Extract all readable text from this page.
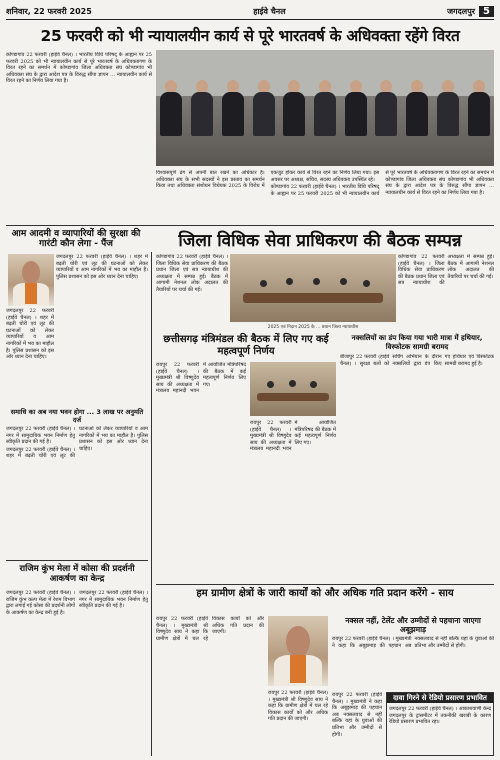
शनिवार, 22 फरवरी 2025	हाईवे चैनल	जगदलपुर 5
25 फरवरी को भी न्यायालयीन कार्य से पूरे भारतवर्ष के अधिवक्ता रहेंगे विरत

कोण्डागांव 22 फरवरी (हाईवे चैनल) । भारतीय विधि परिषद् के आह्वान पर 25 फरवरी 2025 को भी न्यायालयीन कार्य से पूरे भारतवर्ष के अधिवक्तागण के विरत रहने का समर्थन में कोण्डागांव जिला अधिवक्ता संघ कोण्डागांव भी अधिवक्ता संघ के द्वारा आदेश पत्र के विरुद्ध सौंपा ज्ञापन ... न्यायालयीन कार्य से विरत रहने का निर्णय लिया गया है।

विश्वासपूर्ण ढंग से अपनी बात रखने का अधिकार है। अधिवक्ता संघ के सभी सदस्यों ने इस प्रस्ताव का समर्थन किया तथा अधिवक्ता संशोधन विधेयक 2025 के विरोध में एकजुट होकर कार्य से विरत रहने का निर्णय लिया गया। इस अवसर पर अध्यक्ष, सचिव, सदस्य अधिवक्ता उपस्थित रहे।

कोण्डागांव 22 फरवरी (हाईवे चैनल) । भारतीय विधि परिषद् के आह्वान पर 25 फरवरी 2025 को भी न्यायालयीन कार्य से पूरे भारतवर्ष के अधिवक्तागण के विरत रहने का समर्थन में कोण्डागांव जिला अधिवक्ता संघ कोण्डागांव भी अधिवक्ता संघ के द्वारा आदेश पत्र के विरुद्ध सौंपा ज्ञापन ... न्यायालयीन कार्य से विरत रहने का निर्णय लिया गया है।

आम आदमी व व्यापारियों की सुरक्षा की गारंटी कौन लेगा - पैंज	जिला विधिक सेवा प्राधिकरण की बैठक सम्पन्न

जगदलपुर 22 फरवरी (हाईवे चैनल) । शहर में बढ़ती चोरी एवं लूट की घटनाओं को लेकर व्यापारियों व आम नागरिकों में भय का माहौल है। पुलिस प्रशासन को इस ओर ध्यान देना चाहिए।

जगदलपुर 22 फरवरी (हाईवे चैनल) । शहर में बढ़ती चोरी एवं लूट की घटनाओं को लेकर व्यापारियों व आम नागरिकों में भय का माहौल है। पुलिस प्रशासन को इस ओर ध्यान देना चाहिए।

समाधि का अब नया भवन होगा ... 3 लाख पर अनुमति दर्ज

जगदलपुर 22 फरवरी (हाईवे चैनल) । नगर में सामुदायिक भवन निर्माण हेतु स्वीकृति प्रदान की गई है।

जगदलपुर 22 फरवरी (हाईवे चैनल) । शहर में बढ़ती चोरी एवं लूट की घटनाओं को लेकर व्यापारियों व आम नागरिकों में भय का माहौल है। पुलिस प्रशासन को इस ओर ध्यान देना चाहिए।

राजिम कुंभ मेला में कोसा की प्रदर्शनी आकर्षण का केन्द्र

जगदलपुर 22 फरवरी (हाईवे चैनल) । राजिम कुंभ कल्प मेला में रेशम विभाग द्वारा लगाई गई कोसा की प्रदर्शनी लोगों के आकर्षण का केन्द्र बनी हुई है।

जगदलपुर 22 फरवरी (हाईवे चैनल) । नगर में सामुदायिक भवन निर्माण हेतु स्वीकृति प्रदान की गई है।

कोण्डागांव 22 फरवरी (हाईवे चैनल) । जिला विधिक सेवा प्राधिकरण की बैठक प्रधान जिला एवं सत्र न्यायाधीश की अध्यक्षता में सम्पन्न हुई। बैठक में आगामी नेशनल लोक अदालत की तैयारियों पर चर्चा की गई।

2025 एवं निदान 2025 के ... प्रधान जिला न्यायाधीश

कोण्डागांव 22 फरवरी (हाईवे चैनल) । जिला विधिक सेवा प्राधिकरण की बैठक प्रधान जिला एवं सत्र न्यायाधीश की अध्यक्षता में सम्पन्न हुई। बैठक में आगामी नेशनल लोक अदालत की तैयारियों पर चर्चा की गई।

छत्तीसगढ़ मंत्रिमंडल की बैठक में लिए गए कई महत्वपूर्ण निर्णय

रायपुर 22 फरवरी (हाईवे चैनल) । मुख्यमंत्री श्री विष्णुदेव साय की अध्यक्षता में मंत्रालय महानदी भवन में आयोजित मंत्रिपरिषद की बैठक में कई महत्वपूर्ण निर्णय लिए गए।

रायपुर 22 फरवरी (हाईवे चैनल) । मुख्यमंत्री श्री विष्णुदेव साय की अध्यक्षता में मंत्रालय महानदी भवन में आयोजित मंत्रिपरिषद की बैठक में कई महत्वपूर्ण निर्णय लिए गए।

नक्सलियों का डंप किया गया भारी मात्रा में हथियार, विस्फोटक सामग्री बरामद

बीजापुर 22 फरवरी (हाईवे चैनल) । सुरक्षा बलों को सर्चिंग अभियान के दौरान नक्सलियों द्वारा डंप किए गए हथियार एवं विस्फोटक सामग्री बरामद हुई है।

हम ग्रामीण क्षेत्रों के जारी कार्यों को और अधिक गति प्रदान करेंगे - साय

रायपुर 22 फरवरी (हाईवे चैनल) । मुख्यमंत्री श्री विष्णुदेव साय ने कहा कि ग्रामीण क्षेत्रों में चल रहे विकास कार्यों को और अधिक गति प्रदान की जाएगी।

रायपुर 22 फरवरी (हाईवे चैनल) । मुख्यमंत्री श्री विष्णुदेव साय ने कहा कि ग्रामीण क्षेत्रों में चल रहे विकास कार्यों को और अधिक गति प्रदान की जाएगी।

नक्सल नहीं, टेलेंट और उम्मीदों से पहचाना जाएगा अबूझमाड़

रायपुर 22 फरवरी (हाईवे चैनल) । मुख्यमंत्री ने कहा कि अबूझमाड़ की पहचान अब नक्सलवाद से नहीं बल्कि यहां के युवाओं की प्रतिभा और उम्मीदों से होगी।

दावा गिरने से रेडियो प्रसारण प्रभावित

जगदलपुर 22 फरवरी (हाईवे चैनल) । आकाशवाणी केन्द्र जगदलपुर के ट्रांसमीटर में तकनीकी खराबी के कारण रेडियो प्रसारण प्रभावित रहा।

रायपुर 22 फरवरी (हाईवे चैनल) । मुख्यमंत्री ने कहा कि अबूझमाड़ की पहचान अब नक्सलवाद से नहीं बल्कि यहां के युवाओं की प्रतिभा और उम्मीदों से होगी।
